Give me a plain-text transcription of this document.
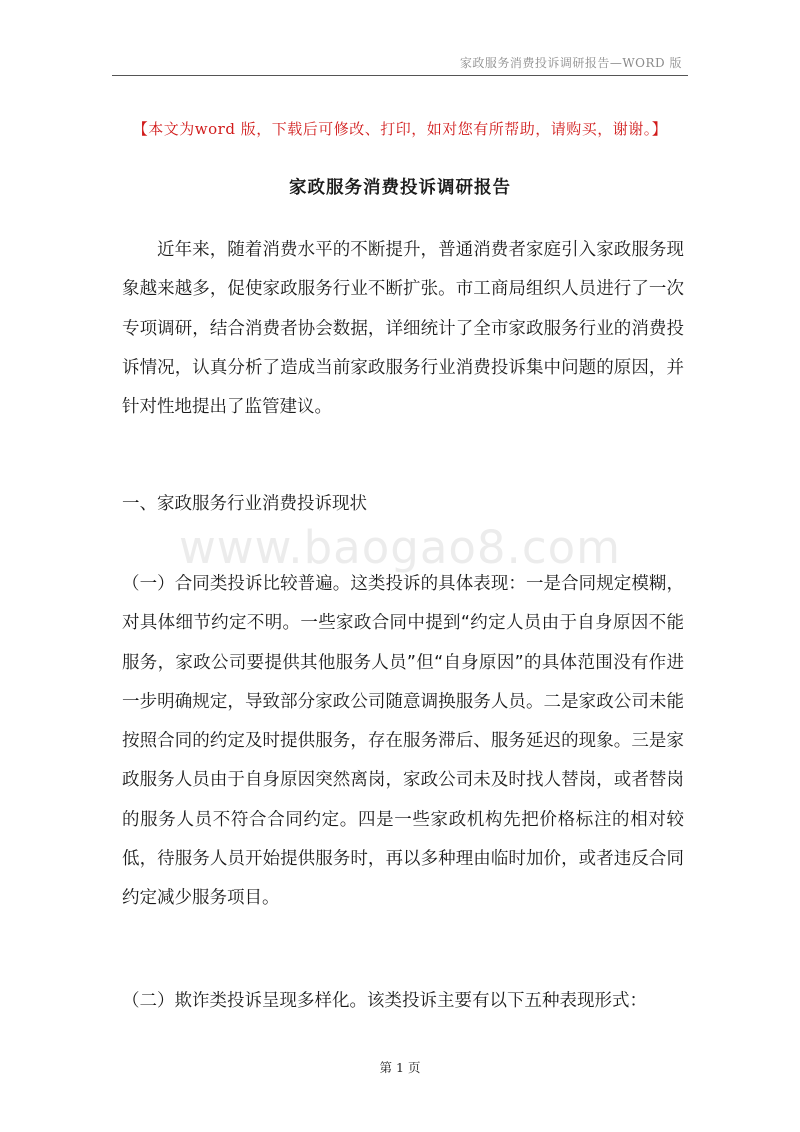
家政服务消费投诉调研报告—WORD 版
【本文为word 版，下载后可修改、打印，如对您有所帮助，请购买，谢谢。】
家政服务消费投诉调研报告

近年来，随着消费水平的不断提升，普通消费者家庭引入家政服务现象越来越多，促使家政服务行业不断扩张。市工商局组织人员进行了一次专项调研，结合消费者协会数据，详细统计了全市家政服务行业的消费投诉情况，认真分析了造成当前家政服务行业消费投诉集中问题的原因，并针对性地提出了监管建议。

一、家政服务行业消费投诉现状

www.baogao8.com

（一）合同类投诉比较普遍。这类投诉的具体表现：一是合同规定模糊，对具体细节约定不明。一些家政合同中提到“约定人员由于自身原因不能服务，家政公司要提供其他服务人员”但“自身原因”的具体范围没有作进一步明确规定，导致部分家政公司随意调换服务人员。二是家政公司未能按照合同的约定及时提供服务，存在服务滞后、服务延迟的现象。三是家政服务人员由于自身原因突然离岗，家政公司未及时找人替岗，或者替岗的服务人员不符合合同约定。四是一些家政机构先把价格标注的相对较低，待服务人员开始提供服务时，再以多种理由临时加价，或者违反合同约定减少服务项目。

（二）欺诈类投诉呈现多样化。该类投诉主要有以下五种表现形式：

第 1 页
